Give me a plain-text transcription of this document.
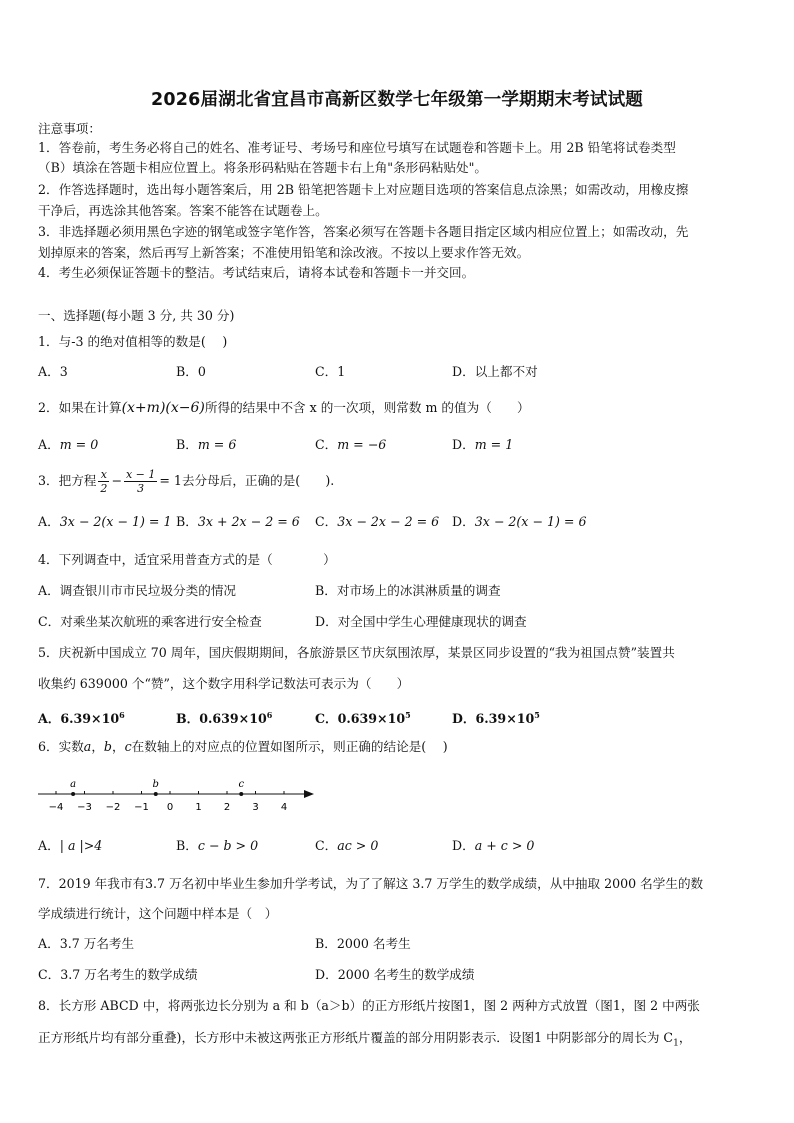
2026届湖北省宜昌市高新区数学七年级第一学期期末考试试题
注意事项：
1．答卷前，考生务必将自己的姓名、准考证号、考场号和座位号填写在试题卷和答题卡上。用 2B 铅笔将试卷类型
（B）填涂在答题卡相应位置上。将条形码粘贴在答题卡右上角"条形码粘贴处"。
2．作答选择题时，选出每小题答案后，用 2B 铅笔把答题卡上对应题目选项的答案信息点涂黑；如需改动，用橡皮擦
干净后，再选涂其他答案。答案不能答在试题卷上。
3．非选择题必须用黑色字迹的钢笔或签字笔作答，答案必须写在答题卡各题目指定区域内相应位置上；如需改动，先
划掉原来的答案，然后再写上新答案；不准使用铅笔和涂改液。不按以上要求作答无效。
4．考生必须保证答题卡的整洁。考试结束后，请将本试卷和答题卡一并交回。
一、选择题(每小题 3 分, 共 30 分)
1．与-3 的绝对值相等的数是(　 )
A．3	B．0	C．1	D．以上都不对
2．如果在计算(x+m)(x−6)所得的结果中不含 x 的一次项，则常数 m 的值为（　　）
A．m = 0	B．m = 6	C．m = −6	D．m = 1
3．把方程 $\frac{x}{2} - \frac{x - 1}{3} = 1$去分母后，正确的是(　　).
A．3x − 2(x − 1) = 1 B．3x + 2x − 2 = 6 C．3x − 2x − 2 = 6 D．3x − 2(x − 1) = 6
4．下列调查中，适宜采用普查方式的是（　　　　）
A．调查银川市市民垃圾分类的情况	B．对市场上的冰淇淋质量的调查
C．对乘坐某次航班的乘客进行安全检查	D．对全国中学生心理健康现状的调查
5．庆祝新中国成立 70 周年，国庆假期期间，各旅游景区节庆氛围浓厚，某景区同步设置的“我为祖国点赞”装置共
收集约 639000 个“赞”，这个数字用科学记数法可表示为（　　）
A．$6.39\times 10^6$	B．$0.639\times 10^6$	C．$0.639\times 10^5$	D．$6.39\times 10^5$
6．实数a，b，c在数轴上的对应点的位置如图所示，则正确的结论是(　 )
−4 −3 −2 −1 0 1 2 3 4
a	b	c
A．| a |>4	B．c − b > 0	C．ac > 0	D．a + c > 0
7．2019 年我市有3.7 万名初中毕业生参加升学考试，为了了解这 3.7 万学生的数学成绩，从中抽取 2000 名学生的数
学成绩进行统计，这个问题中样本是（　）
A．3.7 万名考生	B．2000 名考生
C．3.7 万名考生的数学成绩	D．2000 名考生的数学成绩
8．长方形 ABCD 中，将两张边长分别为 a 和 b（a＞b）的正方形纸片按图1，图 2 两种方式放置（图1，图 2 中两张
正方形纸片均有部分重叠)，长方形中未被这两张正方形纸片覆盖的部分用阴影表示．设图1 中阴影部分的周长为 $C_1$，
